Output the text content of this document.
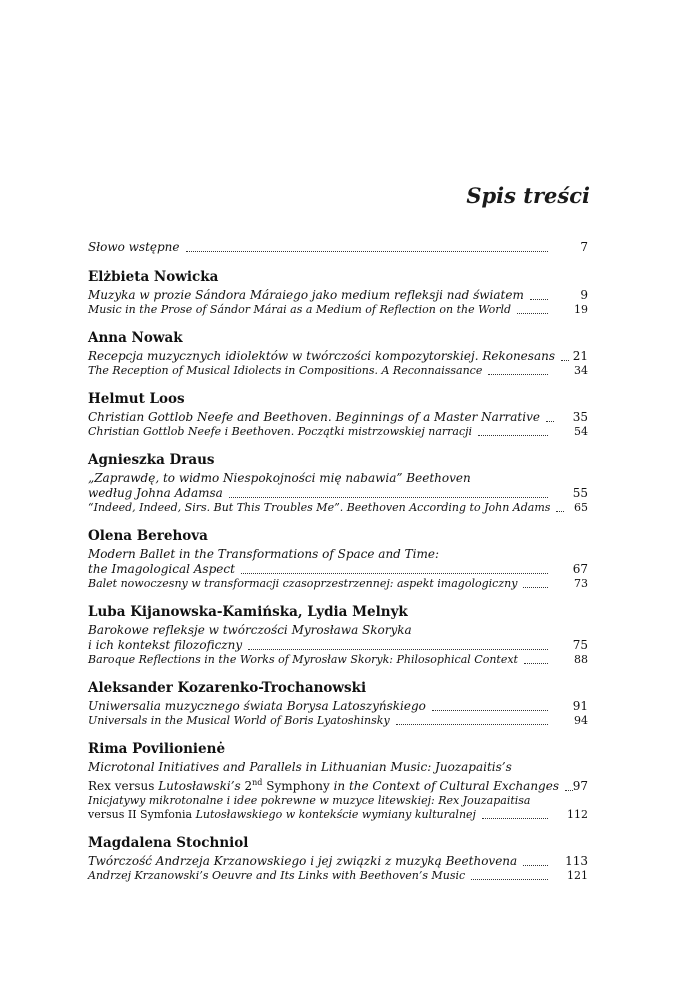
Spis treści
Słowo wstępne	7
Elżbieta Nowicka
Muzyka w prozie Sándora Máraiego jako medium refleksji nad światem	9
Music in the Prose of Sándor Márai as a Medium of Reflection on the World	19
Anna Nowak
Recepcja muzycznych idiolektów w twórczości kompozytorskiej. Rekonesans	21
The Reception of Musical Idiolects in Compositions. A Reconnaissance	34
Helmut Loos
Christian Gottlob Neefe and Beethoven. Beginnings of a Master Narrative	35
Christian Gottlob Neefe i Beethoven. Początki mistrzowskiej narracji	54
Agnieszka Draus
„Zaprawdę, to widmo Niespokojności mię nabawia” Beethoven
według Johna Adamsa	55
“Indeed, Indeed, Sirs. But This Troubles Me”. Beethoven According to John Adams	65
Olena Berehova
Modern Ballet in the Transformations of Space and Time:
the Imagological Aspect	67
Balet nowoczesny w transformacji czasoprzestrzennej: aspekt imagologiczny	73
Luba Kijanowska-Kamińska, Lydia Melnyk
Barokowe refleksje w twórczości Myrosława Skoryka
i ich kontekst filozoficzny	75
Baroque Reflections in the Works of Myrosław Skoryk: Philosophical Context	88
Aleksander Kozarenko-Trochanowski
Uniwersalia muzycznego świata Borysa Latoszyńskiego	91
Universals in the Musical World of Boris Lyatoshinsky	94
Rima Povilionienė
Microtonal Initiatives and Parallels in Lithuanian Music: Juozapaitis’s
Rex versus Lutosławski’s 2nd Symphony in the Context of Cultural Exchanges	97
Inicjatywy mikrotonalne i idee pokrewne w muzyce litewskiej: Rex Jouzapaitisa
versus II Symfonia Lutosławskiego w kontekście wymiany kulturalnej	112
Magdalena Stochniol
Twórczość Andrzeja Krzanowskiego i jej związki z muzyką Beethovena	113
Andrzej Krzanowski’s Oeuvre and Its Links with Beethoven’s Music	121
